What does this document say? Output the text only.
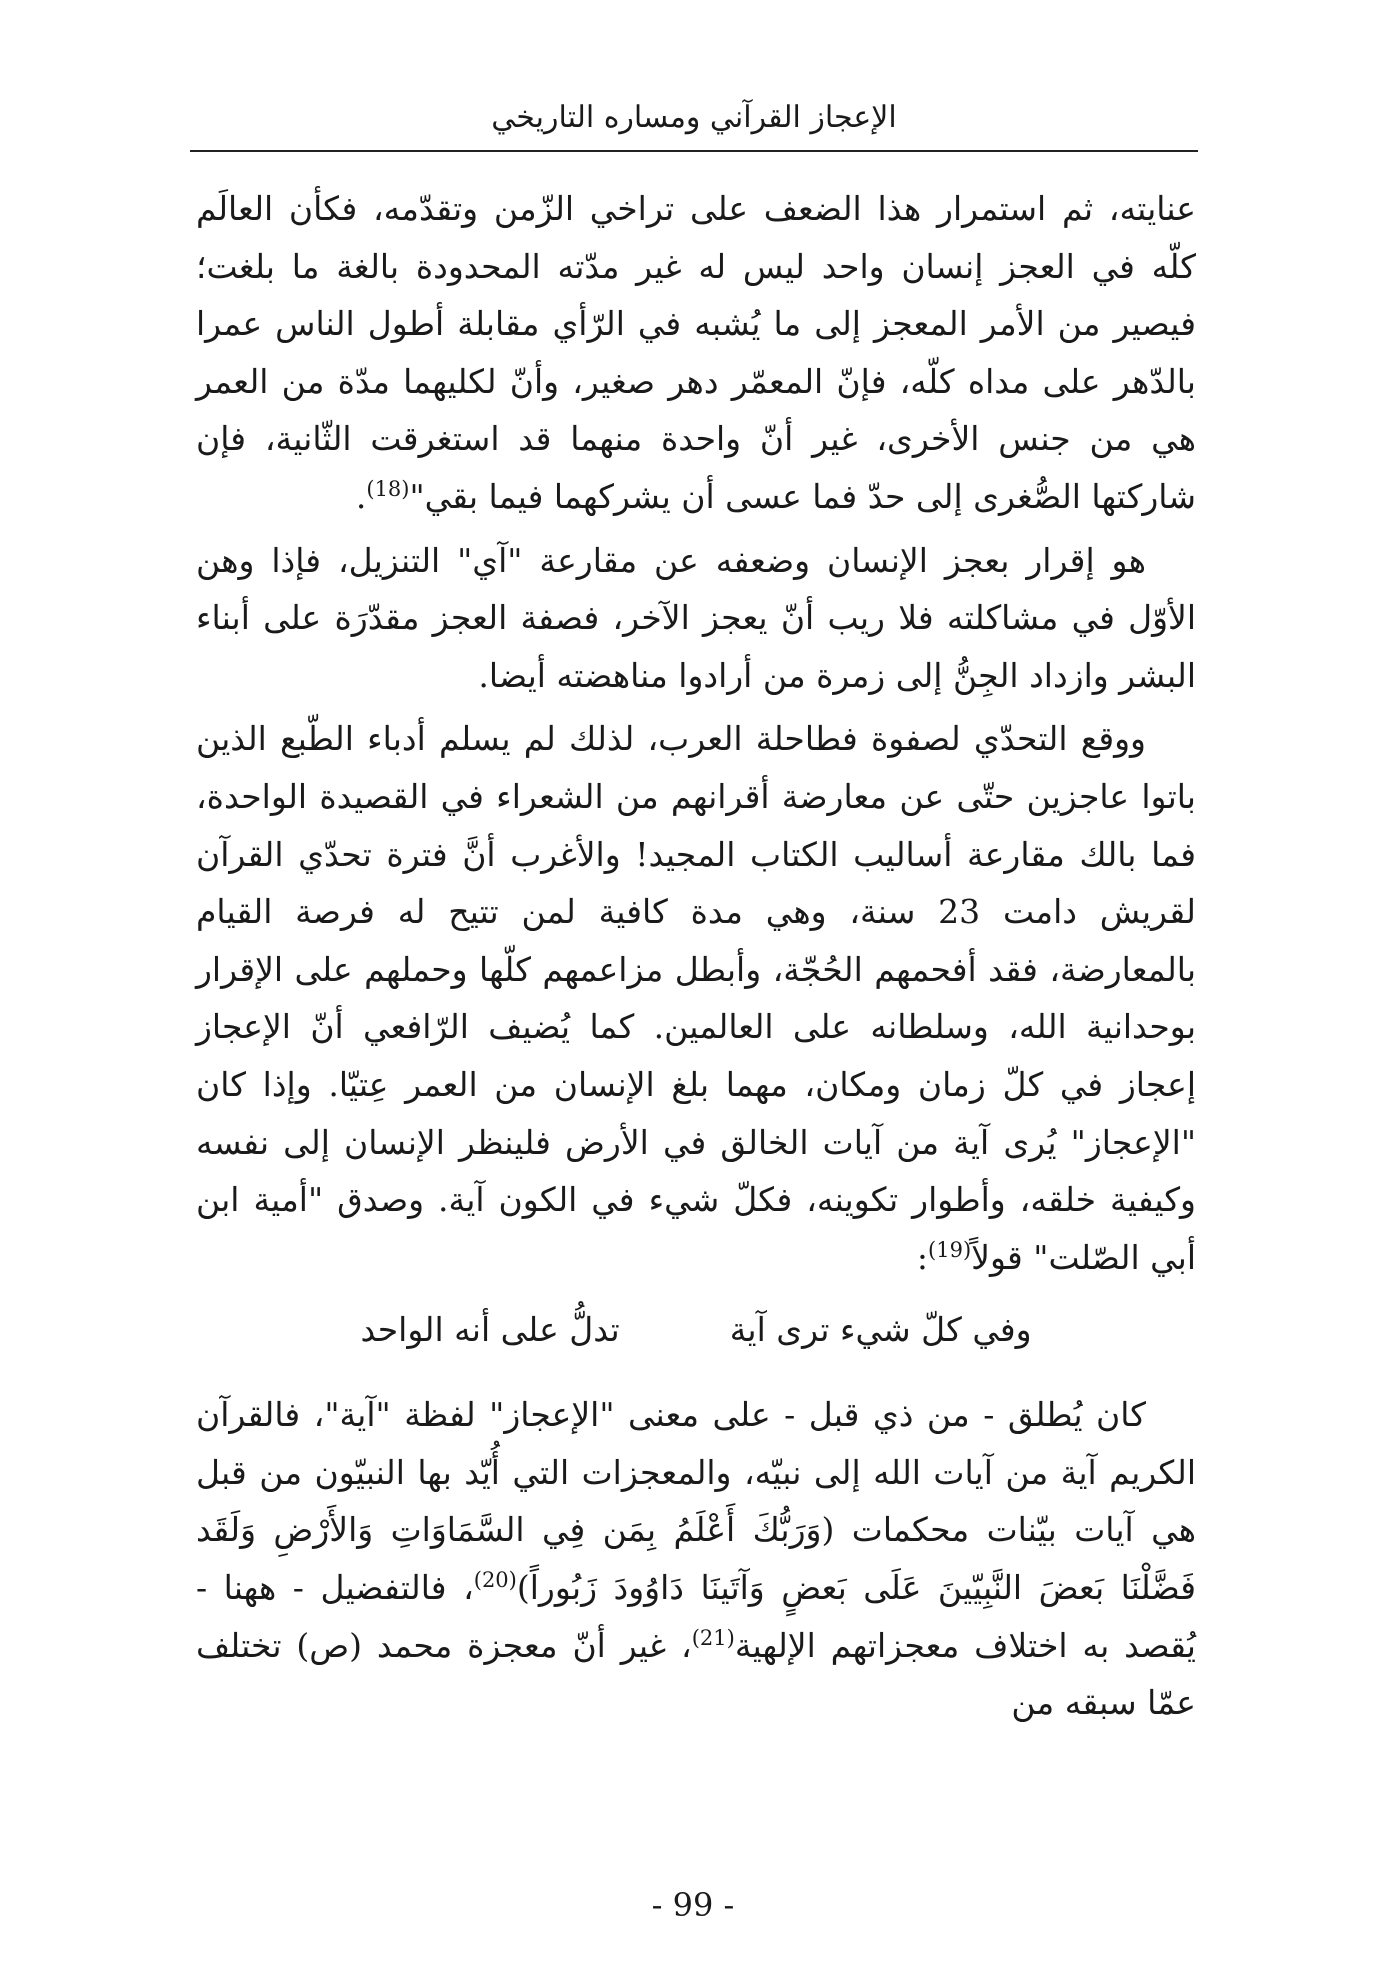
الإعجاز القرآني ومساره التاريخي

عنايته، ثم استمرار هذا الضعف على تراخي الزّمن وتقدّمه، فكأن العالَم كلّه في العجز إنسان واحد ليس له غير مدّته المحدودة بالغة ما بلغت؛ فيصير من الأمر المعجز إلى ما يُشبه في الرّأي مقابلة أطول الناس عمرا بالدّهر على مداه كلّه، فإنّ المعمّر دهر صغير، وأنّ لكليهما مدّة من العمر هي من جنس الأخرى، غير أنّ واحدة منهما قد استغرقت الثّانية، فإن شاركتها الصُّغرى إلى حدّ فما عسى أن يشركهما فيما بقي"$^{(18)}$.

هو إقرار بعجز الإنسان وضعفه عن مقارعة "آي" التنزيل، فإذا وهن الأوّل في مشاكلته فلا ريب أنّ يعجز الآخر، فصفة العجز مقدّرَة على أبناء البشر وازداد الجِنُّ إلى زمرة من أرادوا مناهضته أيضا.

ووقع التحدّي لصفوة فطاحلة العرب، لذلك لم يسلم أدباء الطّبع الذين باتوا عاجزين حتّى عن معارضة أقرانهم من الشعراء في القصيدة الواحدة، فما بالك مقارعة أساليب الكتاب المجيد! والأغرب أنَّ فترة تحدّي القرآن لقريش دامت 23 سنة، وهي مدة كافية لمن تتيح له فرصة القيام بالمعارضة، فقد أفحمهم الحُجّة، وأبطل مزاعمهم كلّها وحملهم على الإقرار بوحدانية الله، وسلطانه على العالمين. كما يُضيف الرّافعي أنّ الإعجاز إعجاز في كلّ زمان ومكان، مهما بلغ الإنسان من العمر عِتيّا. وإذا كان "الإعجاز" يُرى آية من آيات الخالق في الأرض فلينظر الإنسان إلى نفسه وكيفية خلقه، وأطوار تكوينه، فكلّ شيء في الكون آية. وصدق "أمية ابن أبي الصّلت" قولاً$^{(19)}$:

وفي كلّ شيء ترى آية
تدلُّ على أنه الواحد

كان يُطلق - من ذي قبل - على معنى "الإعجاز" لفظة "آية"، فالقرآن الكريم آية من آيات الله إلى نبيّه، والمعجزات التي أُيّد بها النبيّون من قبل هي آيات بيّنات محكمات (وَرَبُّكَ أَعْلَمُ بِمَن فِي السَّمَاوَاتِ وَالأَرْضِ وَلَقَد فَضَّلْنَا بَعضَ النَّبِيّينَ عَلَى بَعضٍ وَآتَينَا دَاوُودَ زَبُوراً)$^{(20)}$، فالتفضيل - ههنا - يُقصد به اختلاف معجزاتهم الإلهية$^{(21)}$، غير أنّ معجزة محمد (ص) تختلف عمّا سبقه من

- 99 -
